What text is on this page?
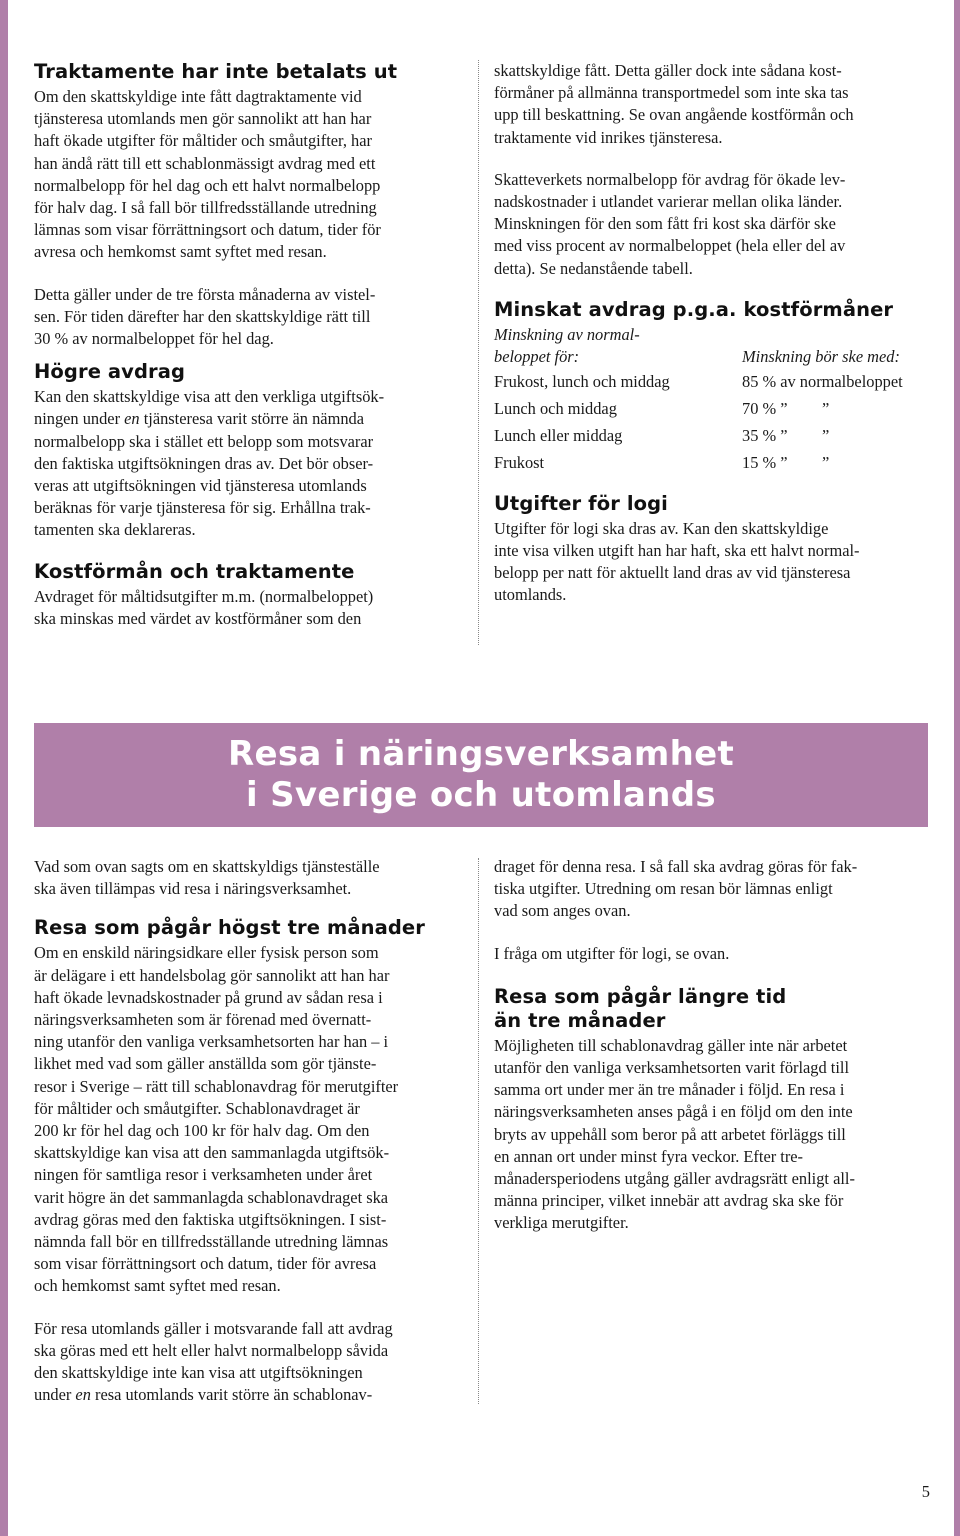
Traktamente har inte betalats ut

Om den skattskyldige inte fått dagtraktamente vid
tjänsteresa utomlands men gör sannolikt att han har
haft ökade utgifter för måltider och småutgifter, har
han ändå rätt till ett schablonmässigt avdrag med ett
normalbelopp för hel dag och ett halvt normalbelopp
för halv dag. I så fall bör tillfredsställande utredning
lämnas som visar förrättningsort och datum, tider för
avresa och hemkomst samt syftet med resan.

Detta gäller under de tre första månaderna av vistel-
sen. För tiden därefter har den skattskyldige rätt till
30 % av normalbeloppet för hel dag.

Högre avdrag

Kan den skattskyldige visa att den verkliga utgiftsök-
ningen under en tjänsteresa varit större än nämnda
normalbelopp ska i stället ett belopp som motsvarar
den faktiska utgiftsökningen dras av. Det bör obser-
veras att utgiftsökningen vid tjänsteresa utomlands
beräknas för varje tjänsteresa för sig. Erhållna trak-
tamenten ska deklareras.

Kostförmån och traktamente

Avdraget för måltidsutgifter m.m. (normalbeloppet)
ska minskas med värdet av kostförmåner som den

skattskyldige fått. Detta gäller dock inte sådana kost-
förmåner på allmänna transportmedel som inte ska tas
upp till beskattning. Se ovan angående kostförmån och
traktamente vid inrikes tjänsteresa.

Skatteverkets normalbelopp för avdrag för ökade lev-
nadskostnader i utlandet varierar mellan olika länder.
Minskningen för den som fått fri kost ska därför ske
med viss procent av normalbeloppet (hela eller del av
detta). Se nedanstående tabell.

Minskat avdrag p.g.a. kostförmåner
Minskning av normal-
beloppet för:	Minskning bör ske med:
Frukost, lunch och middag	85 % av normalbeloppet
Lunch och middag	70 % ” ”
Lunch eller middag	35 % ” ”
Frukost	15 % ” ”
Utgifter för logi

Utgifter för logi ska dras av. Kan den skattskyldige
inte visa vilken utgift han har haft, ska ett halvt normal-
belopp per natt för aktuellt land dras av vid tjänsteresa
utomlands.

Resa i näringsverksamhet
i Sverige och utomlands

Vad som ovan sagts om en skattskyldigs tjänsteställe
ska även tillämpas vid resa i näringsverksamhet.

Resa som pågår högst tre månader

Om en enskild näringsidkare eller fysisk person som
är delägare i ett handelsbolag gör sannolikt att han har
haft ökade levnadskostnader på grund av sådan resa i
näringsverksamheten som är förenad med övernatt-
ning utanför den vanliga verksamhetsorten har han – i
likhet med vad som gäller anställda som gör tjänste-
resor i Sverige – rätt till schablonavdrag för merutgifter
för måltider och småutgifter. Schablonavdraget är
200 kr för hel dag och 100 kr för halv dag. Om den
skattskyldige kan visa att den sammanlagda utgiftsök-
ningen för samtliga resor i verksamheten under året
varit högre än det sammanlagda schablonavdraget ska
avdrag göras med den faktiska utgiftsökningen. I sist-
nämnda fall bör en tillfredsställande utredning lämnas
som visar förrättningsort och datum, tider för avresa
och hemkomst samt syftet med resan.

För resa utomlands gäller i motsvarande fall att avdrag
ska göras med ett helt eller halvt normalbelopp såvida
den skattskyldige inte kan visa att utgiftsökningen
under en resa utomlands varit större än schablonav-

draget för denna resa. I så fall ska avdrag göras för fak-
tiska utgifter. Utredning om resan bör lämnas enligt
vad som anges ovan.

I fråga om utgifter för logi, se ovan.

Resa som pågår längre tid
än tre månader

Möjligheten till schablonavdrag gäller inte när arbetet
utanför den vanliga verksamhetsorten varit förlagd till
samma ort under mer än tre månader i följd. En resa i
näringsverksamheten anses pågå i en följd om den inte
bryts av uppehåll som beror på att arbetet förläggs till
en annan ort under minst fyra veckor. Efter tre-
månadersperiodens utgång gäller avdragsrätt enligt all-
männa principer, vilket innebär att avdrag ska ske för
verkliga merutgifter.

5
